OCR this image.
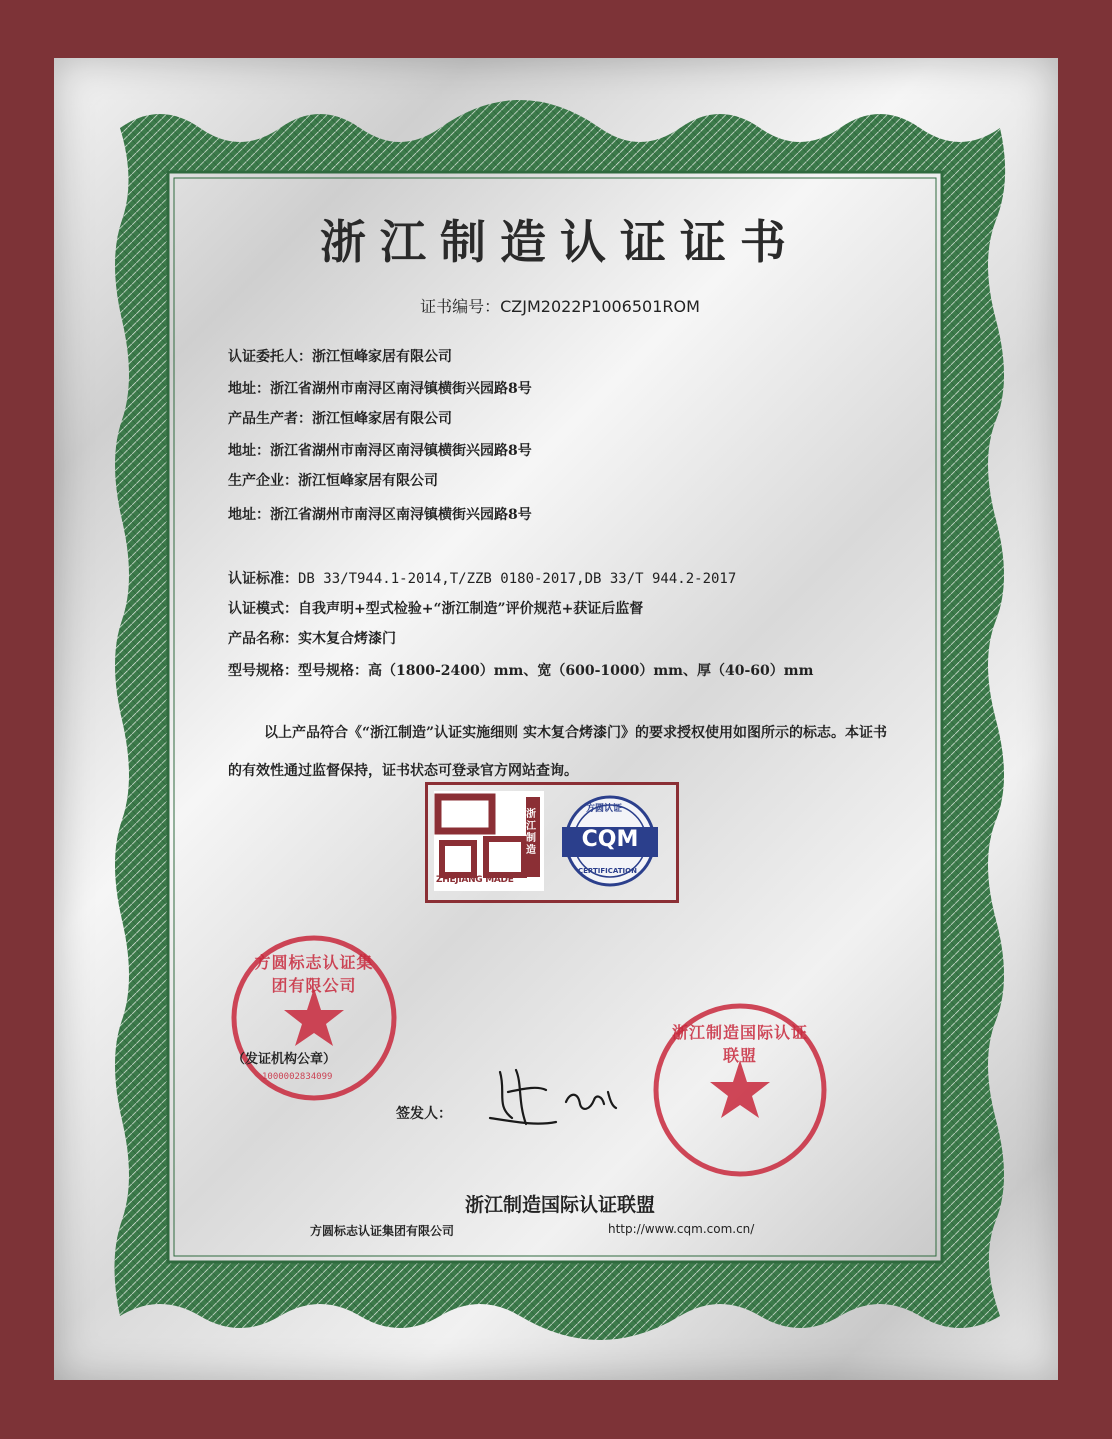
浙江制造认证证书
证书编号：CZJM2022P1006501ROM
认证委托人：浙江恒峰家居有限公司
地址：浙江省湖州市南浔区南浔镇横街兴园路8号
产品生产者：浙江恒峰家居有限公司
地址：浙江省湖州市南浔区南浔镇横街兴园路8号
生产企业：浙江恒峰家居有限公司
地址：浙江省湖州市南浔区南浔镇横街兴园路8号
认证标准：DB 33/T944.1-2014,T/ZZB 0180-2017,DB 33/T 944.2-2017
认证模式：自我声明+型式检验+“浙江制造”评价规范+获证后监督
产品名称：实木复合烤漆门
型号规格：型号规格：高（1800-2400）mm、宽（600-1000）mm、厚（40-60）mm
以上产品符合《“浙江制造”认证实施细则 实木复合烤漆门》的要求授权使用如图所示的标志。本证书的有效性通过监督保持，证书状态可登录官方网站查询。
浙江制造
ZHEJIANG MADE
方圆认证
CQM
CERTIFICATION
方圆标志认证集团有限公司
1000002834099
（发证机构公章）
签发人：
浙江制造国际认证联盟
浙江制造国际认证联盟
方圆标志认证集团有限公司	http://www.cqm.com.cn/
